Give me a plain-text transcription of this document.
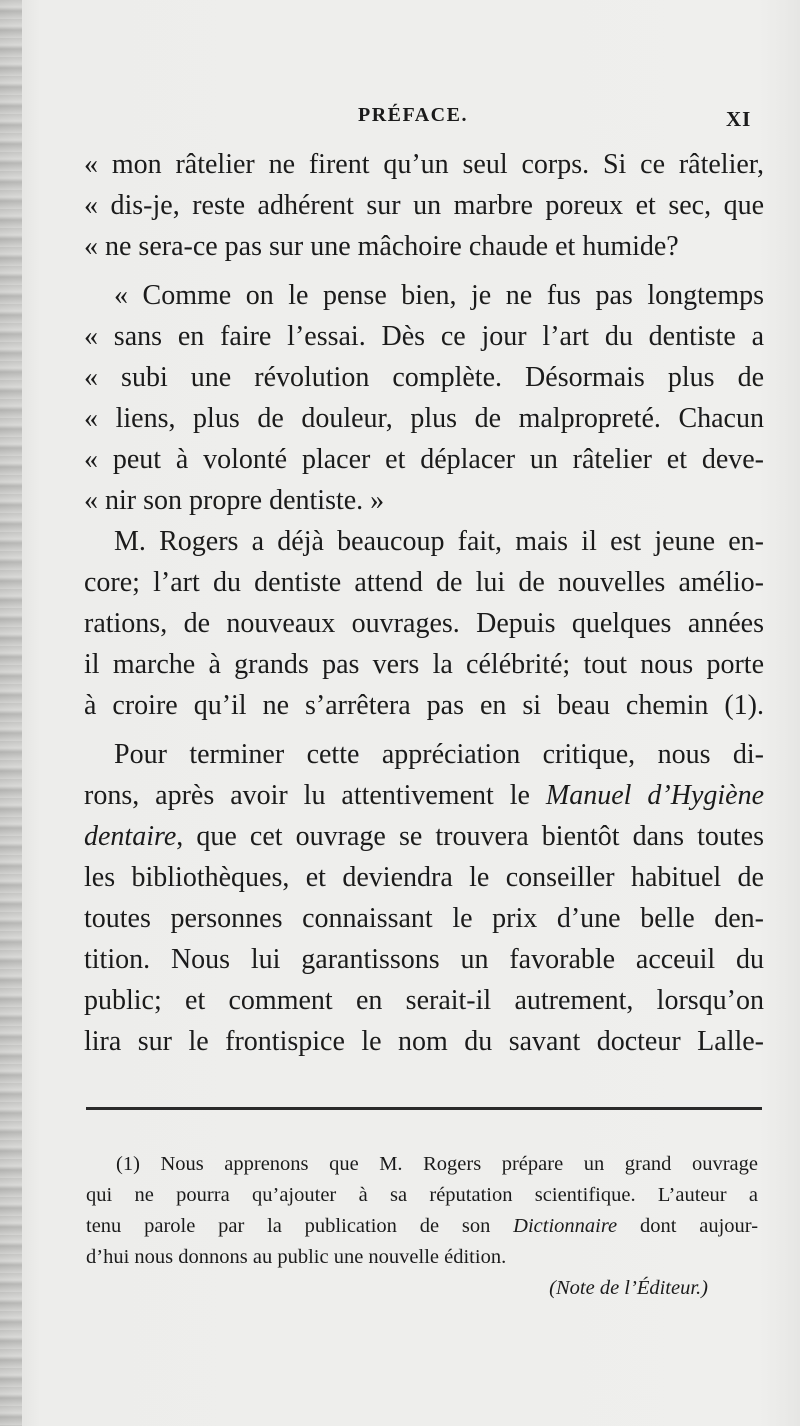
PRÉFACE.	XI
« mon râtelier ne firent qu’un seul corps. Si ce râtelier,
« dis-je, reste adhérent sur un marbre poreux et sec, que
« ne sera-ce pas sur une mâchoire chaude et humide?
« Comme on le pense bien, je ne fus pas longtemps
« sans en faire l’essai. Dès ce jour l’art du dentiste a
« subi une révolution complète. Désormais plus de
« liens, plus de douleur, plus de malpropreté. Chacun
« peut à volonté placer et déplacer un râtelier et deve-
« nir son propre dentiste. »
M. Rogers a déjà beaucoup fait, mais il est jeune en-
core; l’art du dentiste attend de lui de nouvelles amélio-
rations, de nouveaux ouvrages. Depuis quelques années
il marche à grands pas vers la célébrité; tout nous porte
à croire qu’il ne s’arrêtera pas en si beau chemin (1).
Pour terminer cette appréciation critique, nous di-
rons, après avoir lu attentivement le Manuel d’Hygiène
dentaire, que cet ouvrage se trouvera bientôt dans toutes
les bibliothèques, et deviendra le conseiller habituel de
toutes personnes connaissant le prix d’une belle den-
tition. Nous lui garantissons un favorable acceuil du
public; et comment en serait-il autrement, lorsqu’on
lira sur le frontispice le nom du savant docteur Lalle-
(1) Nous apprenons que M. Rogers prépare un grand ouvrage
qui ne pourra qu’ajouter à sa réputation scientifique. L’auteur a
tenu parole par la publication de son Dictionnaire dont aujour-
d’hui nous donnons au public une nouvelle édition.
(Note de l’Éditeur.)
